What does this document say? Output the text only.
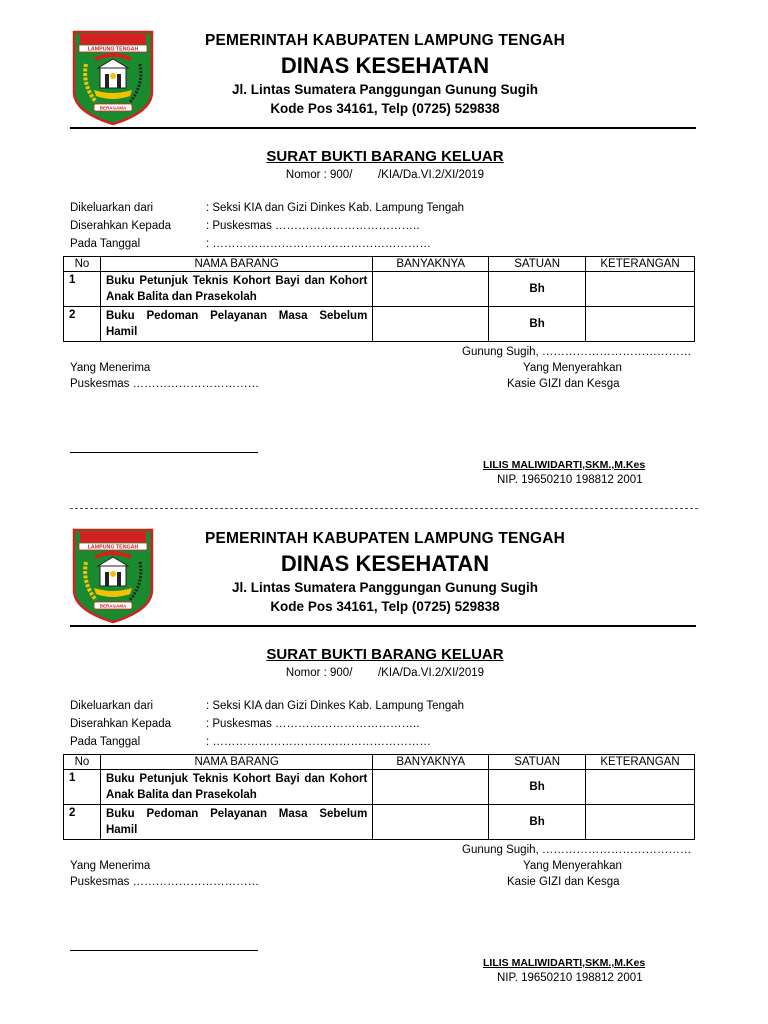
LAMPUNG TENGAH
BERAGAMA
PEMERINTAH KABUPATEN LAMPUNG TENGAH
DINAS KESEHATAN
Jl. Lintas Sumatera Panggungan Gunung Sugih
Kode Pos 34161, Telp (0725) 529838
SURAT BUKTI BARANG KELUAR
Nomor : 900/        /KIA/Da.VI.2/XI/2019
Dikeluarkan dari	: Seksi KIA dan Gizi Dinkes Kab. Lampung Tengah
Diserahkan Kepada	: Puskesmas ………………………………..
Pada Tanggal	: …………………………………………………
No	NAMA BARANG	BANYAKNYA	SATUAN	KETERANGAN
1	Buku Petunjuk Teknis Kohort Bayi dan Kohort Anak Balita dan Prasekolah		Bh	
2	Buku Pedoman Pelayanan Masa Sebelum Hamil		Bh	
Gunung Sugih, …………………………………
Yang Menerima
Puskesmas ……………………………
Yang Menyerahkan
Kasie GIZI dan Kesga
LILIS MALIWIDARTI,SKM.,M.Kes
NIP. 19650210 198812 2001
LAMPUNG TENGAH
BERAGAMA
PEMERINTAH KABUPATEN LAMPUNG TENGAH
DINAS KESEHATAN
Jl. Lintas Sumatera Panggungan Gunung Sugih
Kode Pos 34161, Telp (0725) 529838
SURAT BUKTI BARANG KELUAR
Nomor : 900/        /KIA/Da.VI.2/XI/2019
Dikeluarkan dari	: Seksi KIA dan Gizi Dinkes Kab. Lampung Tengah
Diserahkan Kepada	: Puskesmas ………………………………..
Pada Tanggal	: …………………………………………………
No	NAMA BARANG	BANYAKNYA	SATUAN	KETERANGAN
1	Buku Petunjuk Teknis Kohort Bayi dan Kohort Anak Balita dan Prasekolah		Bh	
2	Buku Pedoman Pelayanan Masa Sebelum Hamil		Bh	
Gunung Sugih, …………………………………
Yang Menerima
Puskesmas ……………………………
Yang Menyerahkan
Kasie GIZI dan Kesga
LILIS MALIWIDARTI,SKM.,M.Kes
NIP. 19650210 198812 2001
